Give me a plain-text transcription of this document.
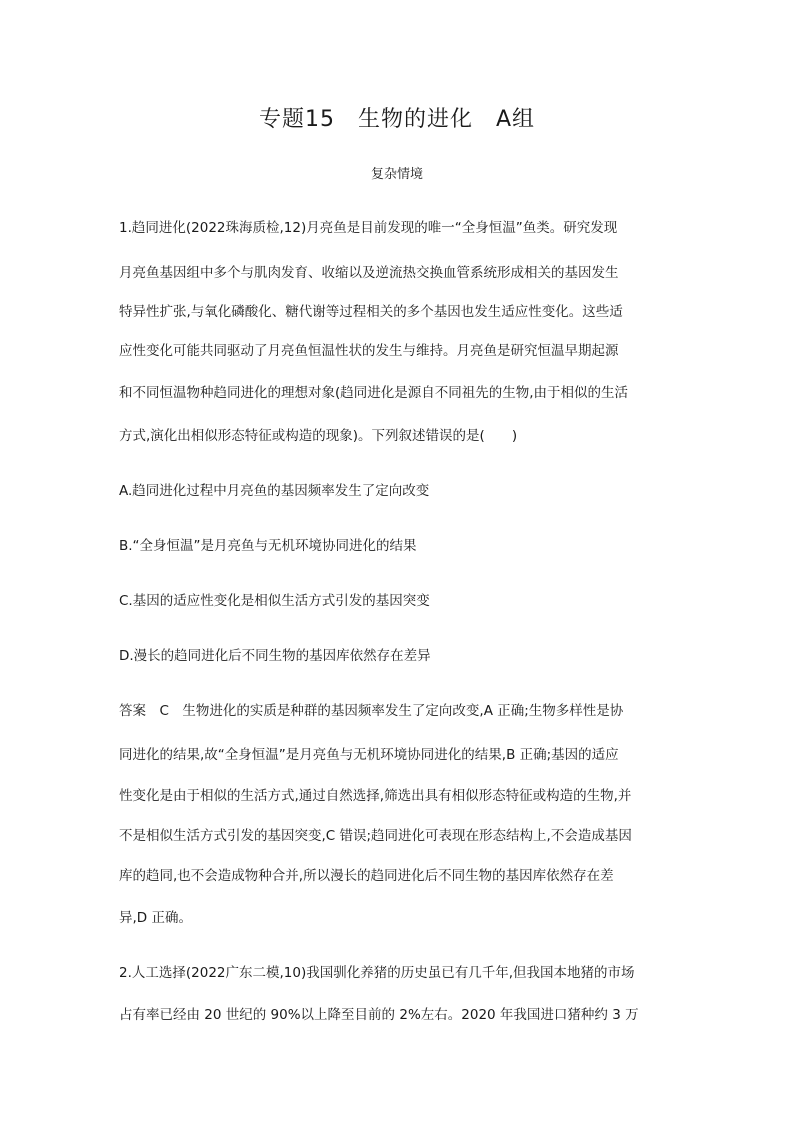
专题15　生物的进化　A组
复杂情境
1.趋同进化(2022珠海质检,12)月亮鱼是目前发现的唯一“全身恒温”鱼类。研究发现
月亮鱼基因组中多个与肌肉发育、收缩以及逆流热交换血管系统形成相关的基因发生
特异性扩张,与氧化磷酸化、糖代谢等过程相关的多个基因也发生适应性变化。这些适
应性变化可能共同驱动了月亮鱼恒温性状的发生与维持。月亮鱼是研究恒温早期起源
和不同恒温物种趋同进化的理想对象(趋同进化是源自不同祖先的生物,由于相似的生活
方式,演化出相似形态特征或构造的现象)。下列叙述错误的是(　　)
A.趋同进化过程中月亮鱼的基因频率发生了定向改变
B.“全身恒温”是月亮鱼与无机环境协同进化的结果
C.基因的适应性变化是相似生活方式引发的基因突变
D.漫长的趋同进化后不同生物的基因库依然存在差异
答案　C　生物进化的实质是种群的基因频率发生了定向改变,A 正确;生物多样性是协
同进化的结果,故“全身恒温”是月亮鱼与无机环境协同进化的结果,B 正确;基因的适应
性变化是由于相似的生活方式,通过自然选择,筛选出具有相似形态特征或构造的生物,并
不是相似生活方式引发的基因突变,C 错误;趋同进化可表现在形态结构上,不会造成基因
库的趋同,也不会造成物种合并,所以漫长的趋同进化后不同生物的基因库依然存在差
异,D 正确。
2.人工选择(2022广东二模,10)我国驯化养猪的历史虽已有几千年,但我国本地猪的市场
占有率已经由 20 世纪的 90%以上降至目前的 2%左右。2020 年我国进口猪种约 3 万
